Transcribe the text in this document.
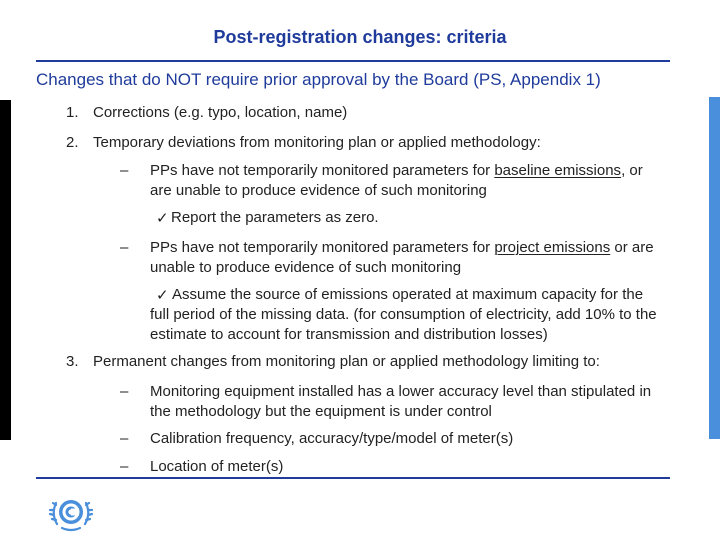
Post-registration changes: criteria
Changes that do NOT require prior approval by the Board (PS, Appendix 1)
1. Corrections (e.g. typo, location, name)
2. Temporary deviations from monitoring plan or applied methodology:
– PPs have not temporarily monitored parameters for baseline emissions, or
are unable to produce evidence of such monitoring
✓ Report the parameters as zero.
– PPs have not temporarily monitored parameters for project emissions or are
unable to produce evidence of such monitoring
✓ Assume the source of emissions operated at maximum capacity for the
full period of the missing data. (for consumption of electricity, add 10% to the
estimate to account for transmission and distribution losses)
3. Permanent changes from monitoring plan or applied methodology limiting to:
– Monitoring equipment installed has a lower accuracy level than stipulated in
the methodology but the equipment is under control
– Calibration frequency, accuracy/type/model of meter(s)
– Location of meter(s)
